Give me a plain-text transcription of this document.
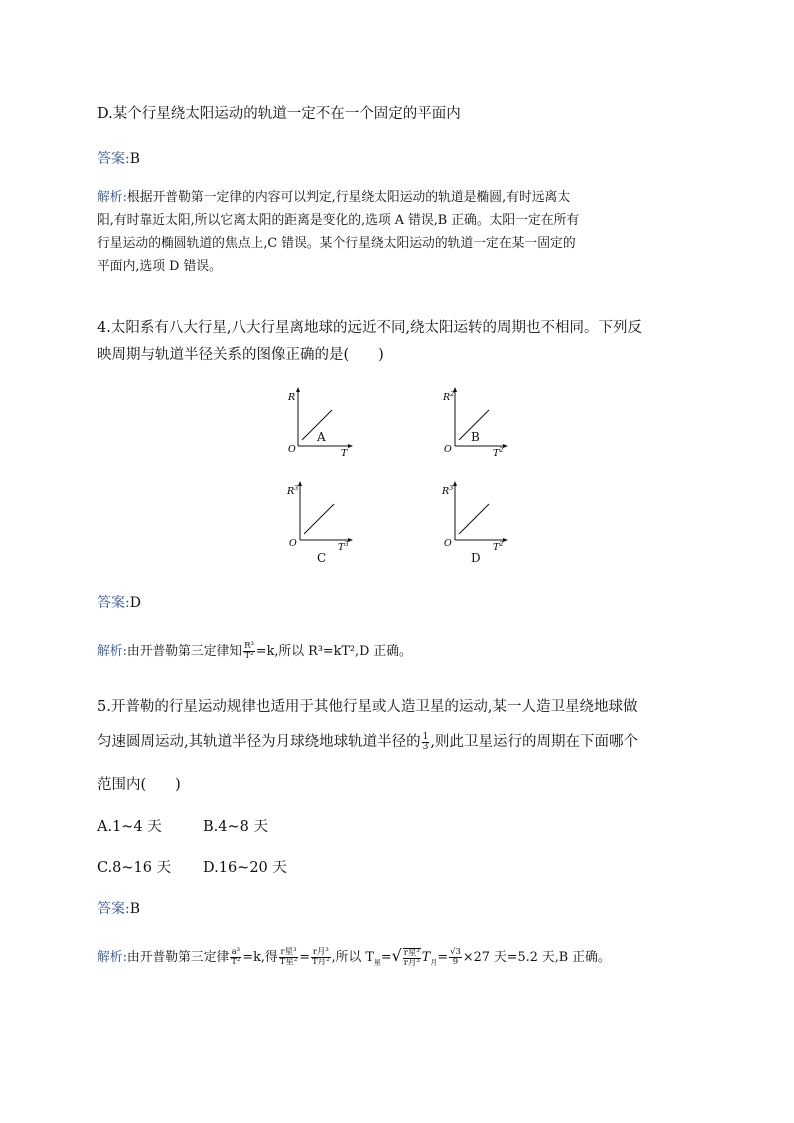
D.某个行星绕太阳运动的轨道一定不在一个固定的平面内
答案:B
解析:根据开普勒第一定律的内容可以判定,行星绕太阳运动的轨道是椭圆,有时远离太
阳,有时靠近太阳,所以它离太阳的距离是变化的,选项 A 错误,B 正确。太阳一定在所有
行星运动的椭圆轨道的焦点上,C 错误。某个行星绕太阳运动的轨道一定在某一固定的
平面内,选项 D 错误。
4.太阳系有八大行星,八大行星离地球的远近不同,绕太阳运转的周期也不相同。下列反
映周期与轨道半径关系的图像正确的是(　　)
R
O	T
A
$R^2$
O	$T^2$
B
$R^3$
O	$T^3$
C
$R^3$
O	$T^2$
D
答案:D
解析:由开普勒第三定律知 $\frac{\text{R³}}{\text{T²}} =k$,所以 R³=kT²,D 正确。
5.开普勒的行星运动规律也适用于其他行星或人造卫星的运动,某一人造卫星绕地球做
匀速圆周运动,其轨道半径为月球绕地球轨道半径的 $\frac{1}{3}$ ,则此卫星运行的周期在下面哪个
范围内(　　)
A.1~4 天	B.4~8 天
C.8~16 天 D.16~20 天
答案:B
解析:由开普勒第三定律 $\frac{\text{a³}}{\text{T²}} =k$,得 $\frac{\text{r星³}}{\text{T星²}} = \frac{\text{r月³}}{\text{T月²}}$ ,所以 $T_星=√ \frac{\text{r星³}}{\text{r月³}} T_月= \frac{√3}{9} \times 27$ 天=5.2 天,B 正确。
